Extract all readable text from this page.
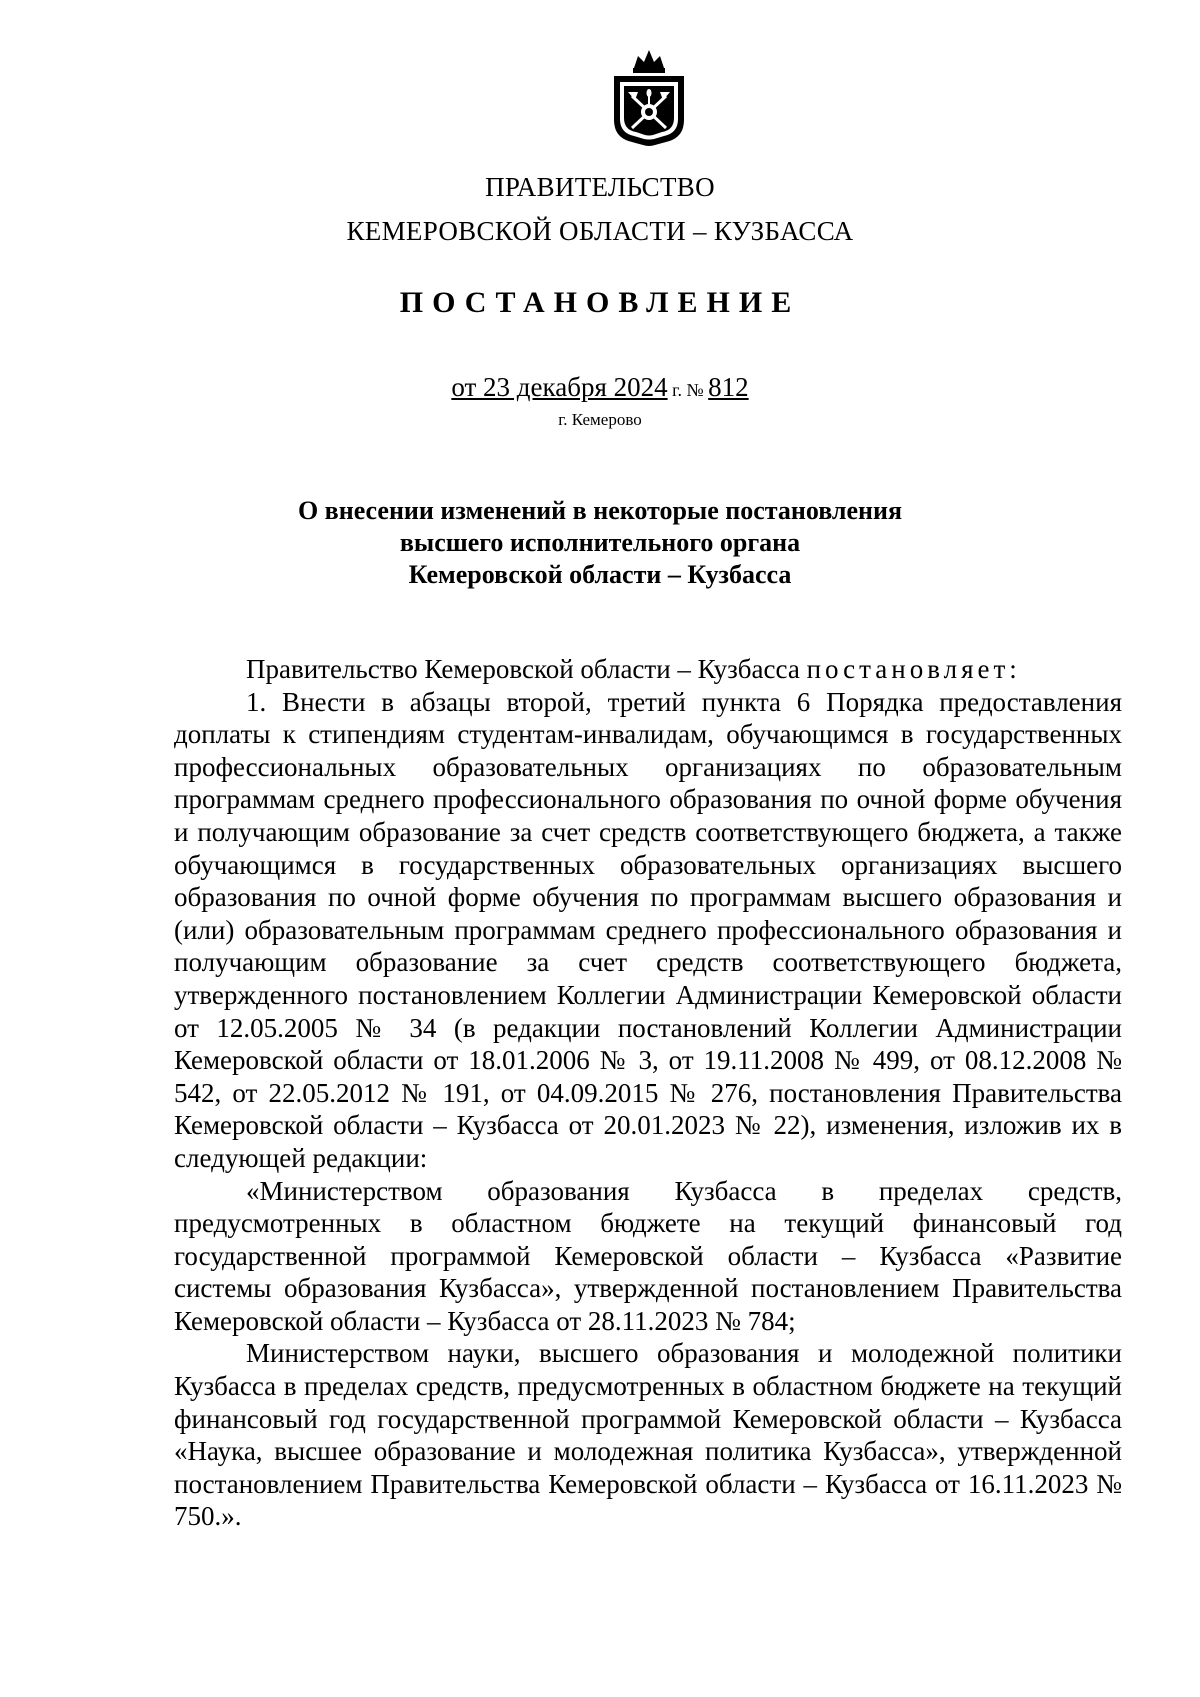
ПРАВИТЕЛЬСТВО
КЕМЕРОВСКОЙ ОБЛАСТИ – КУЗБАССА
ПОСТАНОВЛЕНИЕ
от 23 декабря 2024 г. № 812
г. Кемерово
О внесении изменений в некоторые постановления
высшего исполнительного органа
Кемеровской области – Кузбасса

Правительство Кемеровской области – Кузбасса постановляет:

1. Внести в абзацы второй, третий пункта 6 Порядка предоставления доплаты к стипендиям студентам-инвалидам, обучающимся в государственных профессиональных образовательных организациях по образовательным программам среднего профессионального образования по очной форме обучения и получающим образование за счет средств соответствующего бюджета, а также обучающимся в государственных образовательных организациях высшего образования по очной форме обучения по программам высшего образования и (или) образовательным программам среднего профессионального образования и получающим образование за счет средств соответствующего бюджета, утвержденного постановлением Коллегии Администрации Кемеровской области от 12.05.2005 № 34 (в редакции постановлений Коллегии Администрации Кемеровской области от 18.01.2006 № 3, от 19.11.2008 № 499, от 08.12.2008 № 542, от 22.05.2012 № 191, от 04.09.2015 № 276, постановления Правительства Кемеровской области – Кузбасса от 20.01.2023 № 22), изменения, изложив их в следующей редакции:

«Министерством образования Кузбасса в пределах средств, предусмотренных в областном бюджете на текущий финансовый год государственной программой Кемеровской области – Кузбасса «Развитие системы образования Кузбасса», утвержденной постановлением Правительства Кемеровской области – Кузбасса от 28.11.2023 № 784;

Министерством науки, высшего образования и молодежной политики Кузбасса в пределах средств, предусмотренных в областном бюджете на текущий финансовый год государственной программой Кемеровской области – Кузбасса «Наука, высшее образование и молодежная политика Кузбасса», утвержденной постановлением Правительства Кемеровской области – Кузбасса от 16.11.2023 № 750.».
